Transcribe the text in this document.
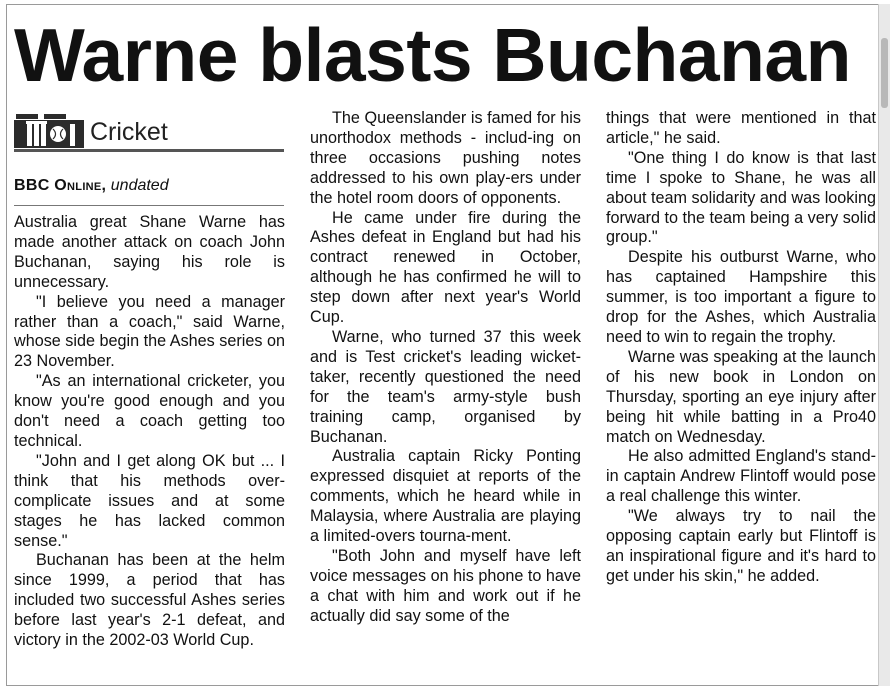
Warne blasts Buchanan
Cricket
BBC Online, undated

Australia great Shane Warne has made another attack on coach John Buchanan, saying his role is unnecessary.

"I believe you need a manager rather than a coach," said Warne, whose side begin the Ashes series on 23 November.

"As an international cricketer, you know you're good enough and you don't need a coach getting too technical.

"John and I get along OK but ... I think that his methods over-complicate issues and at some stages he has lacked common sense."

Buchanan has been at the helm since 1999, a period that has included two successful Ashes series before last year's 2-1 defeat, and victory in the 2002-03 World Cup.

The Queenslander is famed for his unorthodox methods - includ-ing on three occasions pushing notes addressed to his own play-ers under the hotel room doors of opponents.

He came under fire during the Ashes defeat in England but had his contract renewed in October, although he has confirmed he will to step down after next year's World Cup.

Warne, who turned 37 this week and is Test cricket's leading wicket-taker, recently questioned the need for the team's army-style bush training camp, organised by Buchanan.

Australia captain Ricky Ponting expressed disquiet at reports of the comments, which he heard while in Malaysia, where Australia are playing a limited-overs tourna-ment.

"Both John and myself have left voice messages on his phone to have a chat with him and work out if he actually did say some of the

things that were mentioned in that article," he said.

"One thing I do know is that last time I spoke to Shane, he was all about team solidarity and was looking forward to the team being a very solid group."

Despite his outburst Warne, who has captained Hampshire this summer, is too important a figure to drop for the Ashes, which Australia need to win to regain the trophy.

Warne was speaking at the launch of his new book in London on Thursday, sporting an eye injury after being hit while batting in a Pro40 match on Wednesday.

He also admitted England's stand-in captain Andrew Flintoff would pose a real challenge this winter.

"We always try to nail the opposing captain early but Flintoff is an inspirational figure and it's hard to get under his skin," he added.
